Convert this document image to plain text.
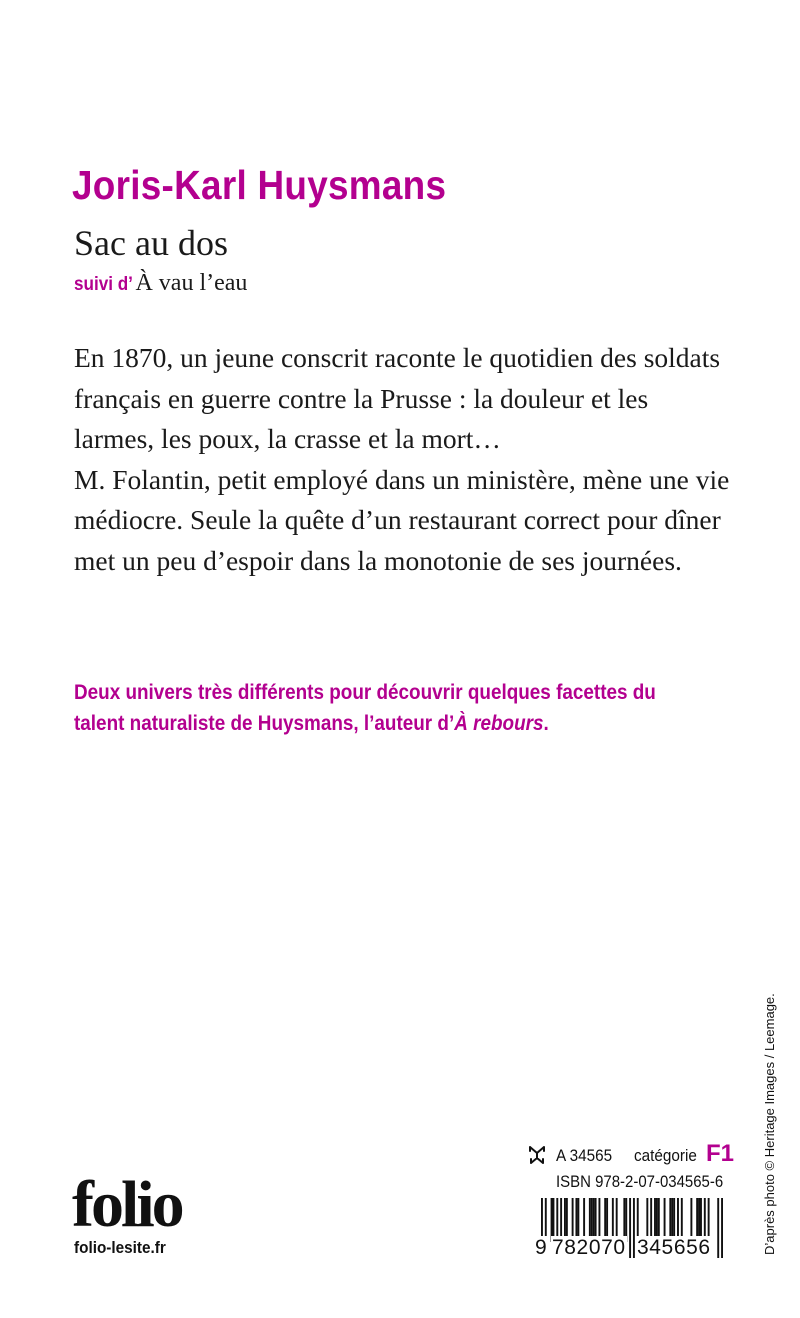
Joris-Karl Huysmans
Sac au dos
suivi d’ À vau l’eau

En 1870, un jeune conscrit raconte le quotidien des soldats français en guerre contre la Prusse : la douleur et les larmes, les poux, la crasse et la mort…

M. Folantin, petit employé dans un ministère, mène une vie médiocre. Seule la quête d’un restaurant correct pour dîner met un peu d’espoir dans la monotonie de ses journées.

Deux univers très différents pour découvrir quelques facettes du talent naturaliste de Huysmans, l’auteur d’À rebours.

folio
folio-lesite.fr
A 34565 catégorie F1
ISBN 978-2-07-034565-6
9 782070 345656	D’après photo © Heritage Images / Leemage.
